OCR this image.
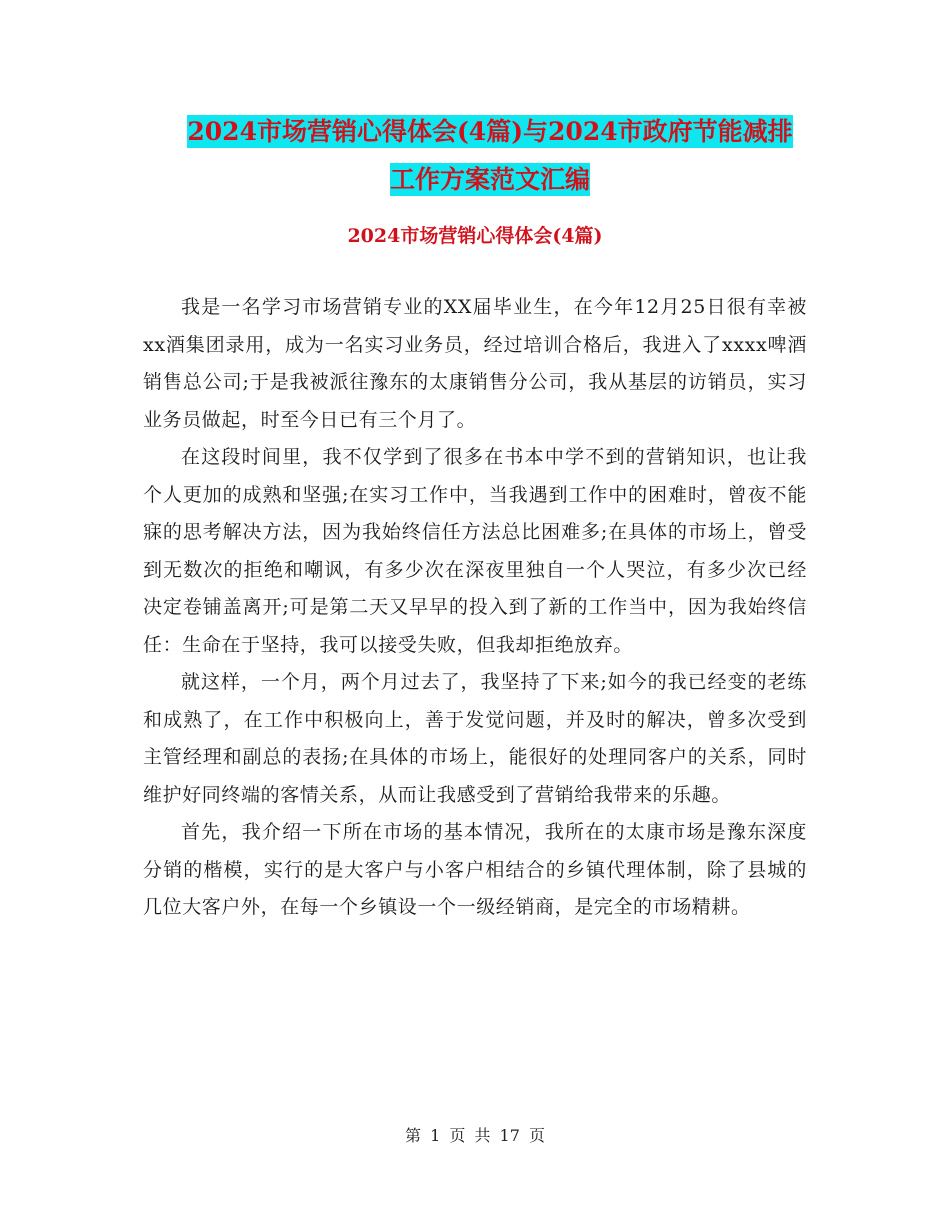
2024市场营销心得体会(4篇)与2024市政府节能减排
工作方案范文汇编
2024市场营销心得体会(4篇)

我是一名学习市场营销专业的XX届毕业生，在今年12月25日很有幸被xx酒集团录用，成为一名实习业务员，经过培训合格后，我进入了xxxx啤酒销售总公司;于是我被派往豫东的太康销售分公司，我从基层的访销员，实习业务员做起，时至今日已有三个月了。

在这段时间里，我不仅学到了很多在书本中学不到的营销知识，也让我个人更加的成熟和坚强;在实习工作中，当我遇到工作中的困难时，曾夜不能寐的思考解决方法，因为我始终信任方法总比困难多;在具体的市场上，曾受到无数次的拒绝和嘲讽，有多少次在深夜里独自一个人哭泣，有多少次已经决定卷铺盖离开;可是第二天又早早的投入到了新的工作当中，因为我始终信任：生命在于坚持，我可以接受失败，但我却拒绝放弃。

就这样，一个月，两个月过去了，我坚持了下来;如今的我已经变的老练和成熟了，在工作中积极向上，善于发觉问题，并及时的解决，曾多次受到主管经理和副总的表扬;在具体的市场上，能很好的处理同客户的关系，同时维护好同终端的客情关系，从而让我感受到了营销给我带来的乐趣。

首先，我介绍一下所在市场的基本情况，我所在的太康市场是豫东深度分销的楷模，实行的是大客户与小客户相结合的乡镇代理体制，除了县城的几位大客户外，在每一个乡镇设一个一级经销商，是完全的市场精耕。

第 1 页 共 17 页
